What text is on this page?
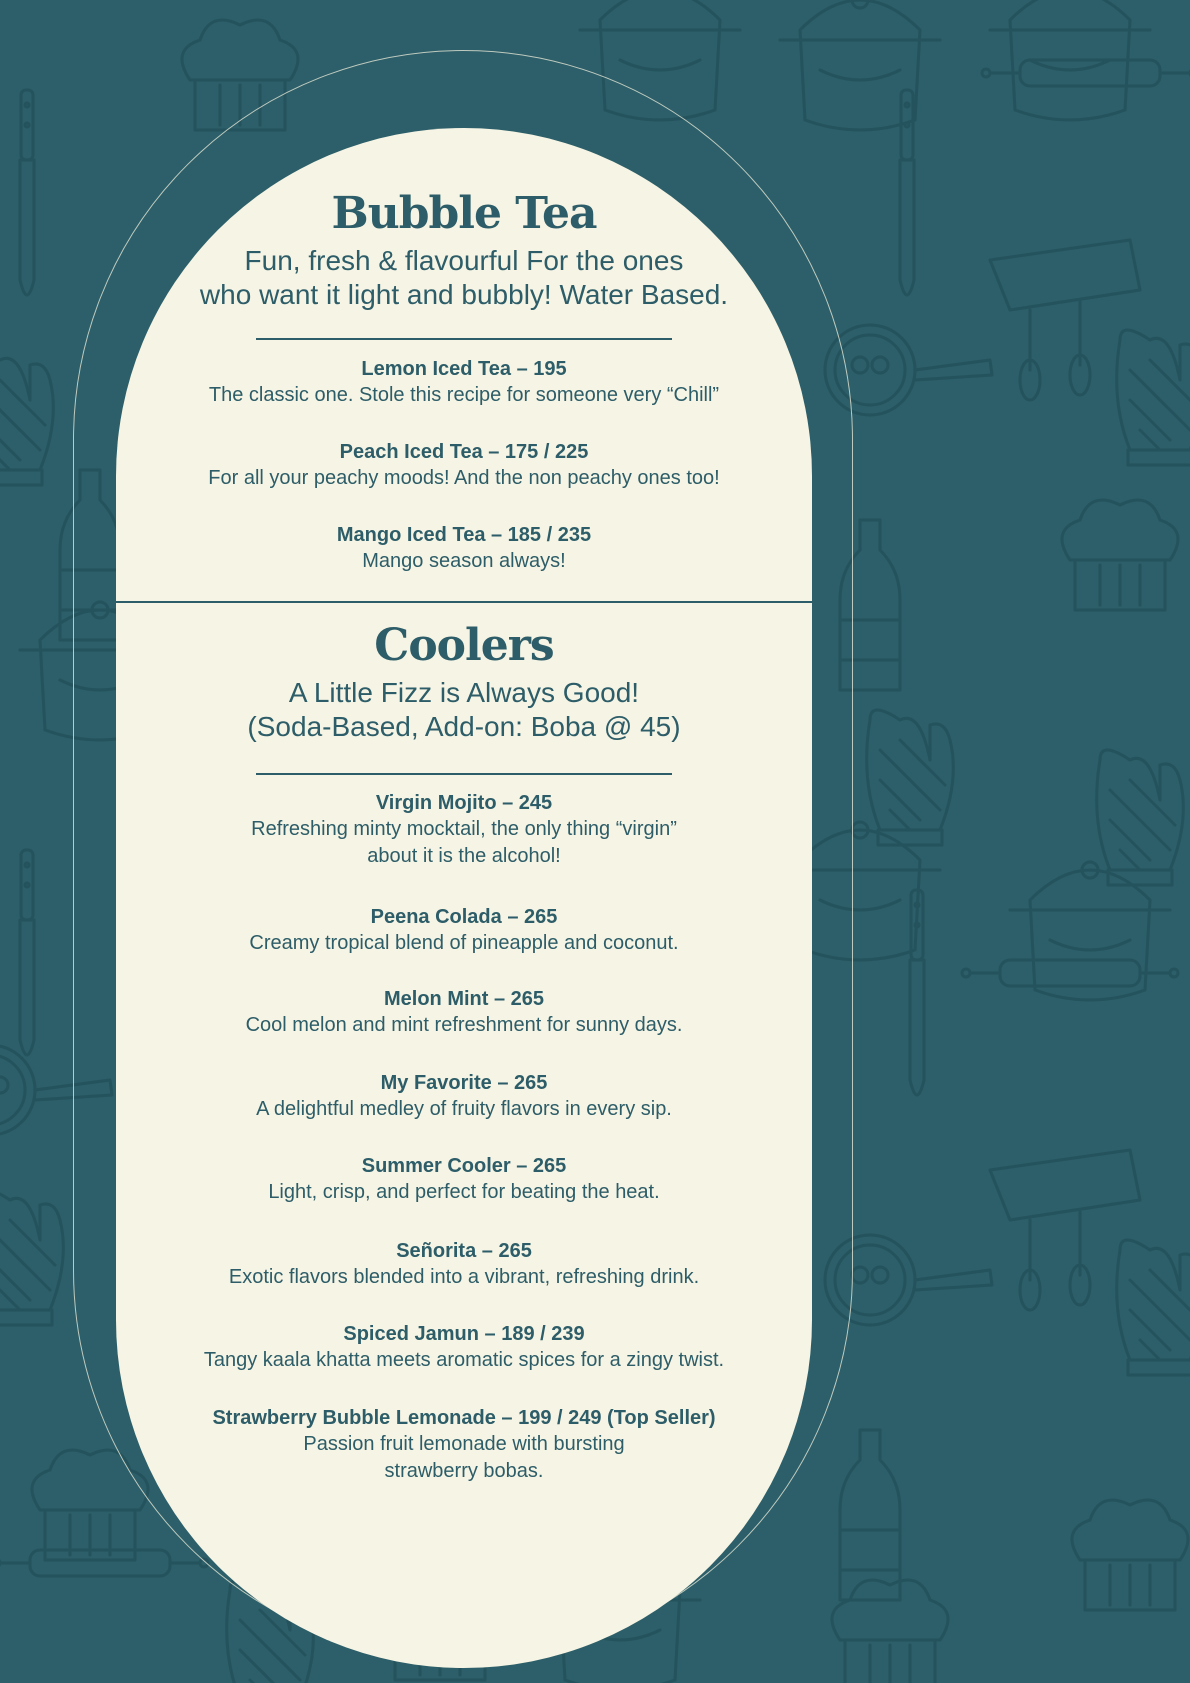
Bubble Tea
Fun, fresh & flavourful For the ones
who want it light and bubbly! Water Based.
Lemon Iced Tea – 195
The classic one. Stole this recipe for someone very “Chill”
Peach Iced Tea – 175 / 225
For all your peachy moods! And the non peachy ones too!
Mango Iced Tea – 185 / 235
Mango season always!
Coolers
A Little Fizz is Always Good!
(Soda-Based, Add-on: Boba @ 45)
Virgin Mojito – 245
Refreshing minty mocktail, the only thing “virgin”
about it is the alcohol!
Peena Colada – 265
Creamy tropical blend of pineapple and coconut.
Melon Mint – 265
Cool melon and mint refreshment for sunny days.
My Favorite – 265
A delightful medley of fruity flavors in every sip.
Summer Cooler – 265
Light, crisp, and perfect for beating the heat.
Señorita – 265
Exotic flavors blended into a vibrant, refreshing drink.
Spiced Jamun – 189 / 239
Tangy kaala khatta meets aromatic spices for a zingy twist.
Strawberry Bubble Lemonade – 199 / 249 (Top Seller)
Passion fruit lemonade with bursting
strawberry bobas.
